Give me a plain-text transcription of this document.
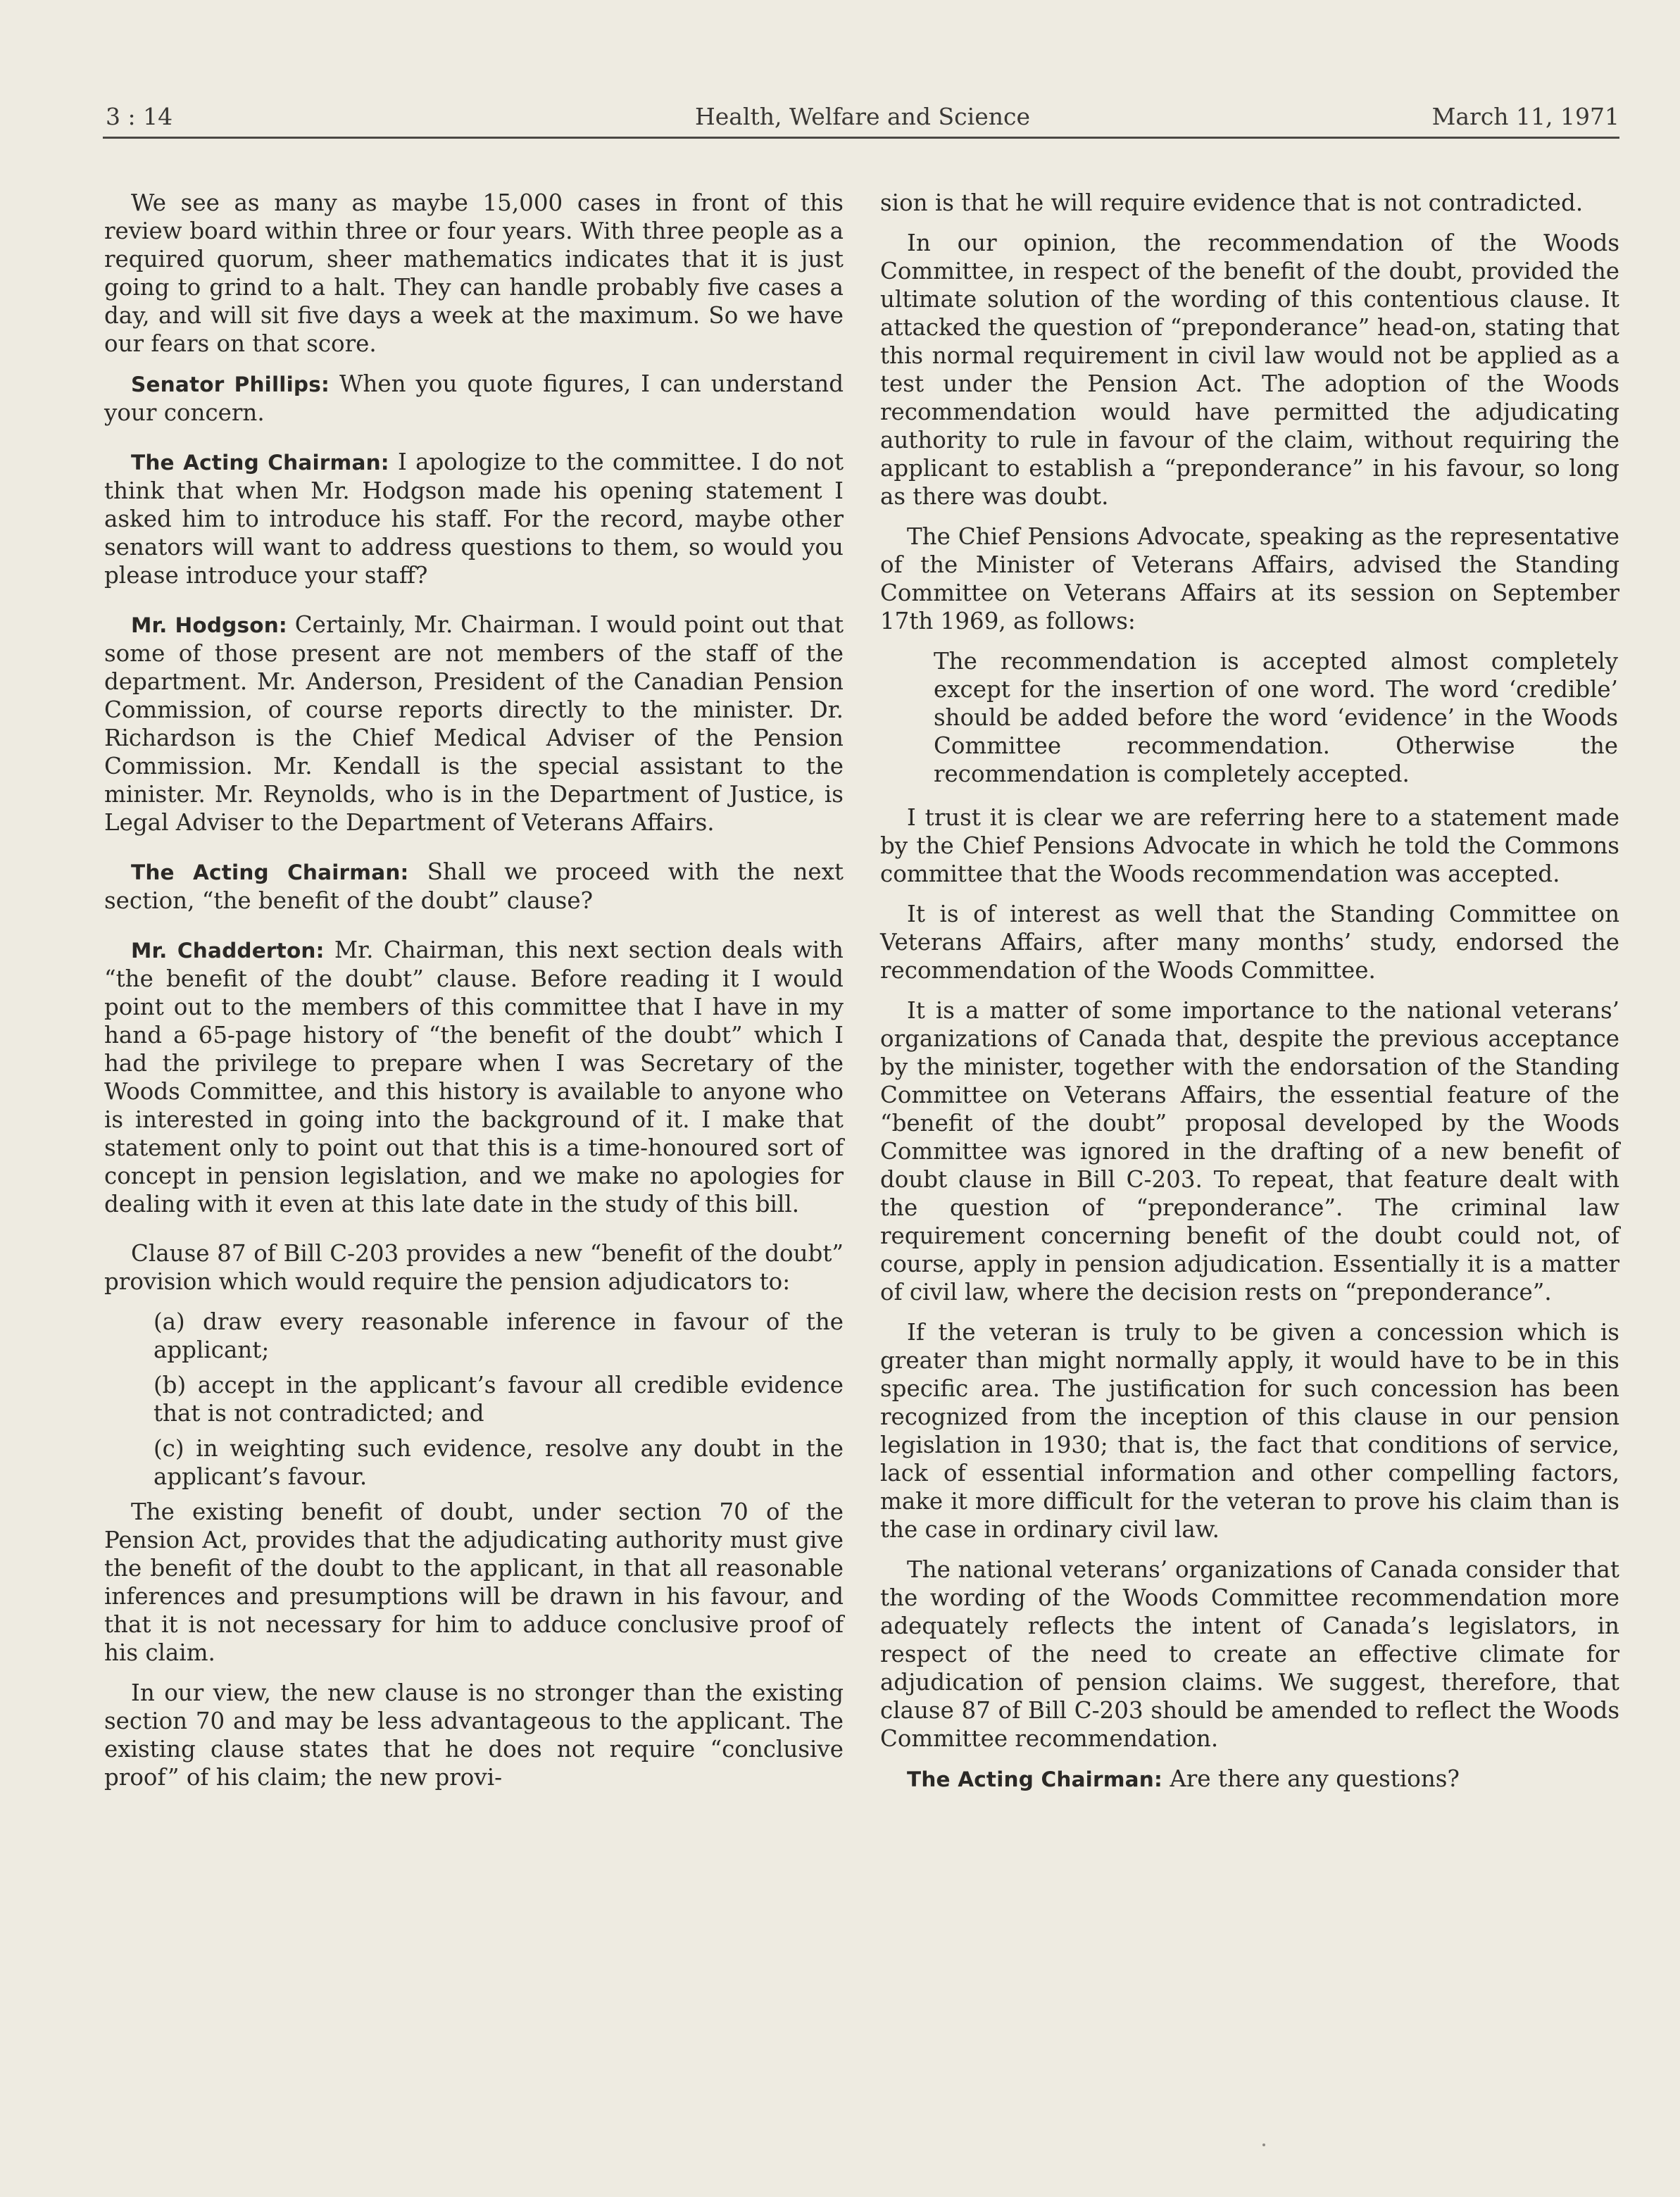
3 : 14	Health, Welfare and Science	March 11, 1971

We see as many as maybe 15,000 cases in front of this review board within three or four years. With three people as a required quorum, sheer mathematics indicates that it is just going to grind to a halt. They can handle probably five cases a day, and will sit five days a week at the maximum. So we have our fears on that score.

Senator Phillips: When you quote figures, I can understand your concern.

The Acting Chairman: I apologize to the committee. I do not think that when Mr. Hodgson made his opening statement I asked him to introduce his staff. For the record, maybe other senators will want to address questions to them, so would you please introduce your staff?

Mr. Hodgson: Certainly, Mr. Chairman. I would point out that some of those present are not members of the staff of the department. Mr. Anderson, President of the Canadian Pension Commission, of course reports directly to the minister. Dr. Richardson is the Chief Medical Adviser of the Pension Commission. Mr. Kendall is the special assistant to the minister. Mr. Reynolds, who is in the Department of Justice, is Legal Adviser to the Department of Veterans Affairs.

The Acting Chairman: Shall we proceed with the next section, “the benefit of the doubt” clause?

Mr. Chadderton: Mr. Chairman, this next section deals with “the benefit of the doubt” clause. Before reading it I would point out to the members of this committee that I have in my hand a 65-page history of “the benefit of the doubt” which I had the privilege to prepare when I was Secretary of the Woods Committee, and this history is available to anyone who is interested in going into the background of it. I make that statement only to point out that this is a time-honoured sort of concept in pension legislation, and we make no apologies for dealing with it even at this late date in the study of this bill.

Clause 87 of Bill C-203 provides a new “benefit of the doubt” provision which would require the pension adjudicators to:

(a) draw every reasonable inference in favour of the applicant;

(b) accept in the applicant’s favour all credible evidence that is not contradicted; and

(c) in weighting such evidence, resolve any doubt in the applicant’s favour.

The existing benefit of doubt, under section 70 of the Pension Act, provides that the adjudicating authority must give the benefit of the doubt to the applicant, in that all reasonable inferences and presumptions will be drawn in his favour, and that it is not necessary for him to adduce conclusive proof of his claim.

In our view, the new clause is no stronger than the existing section 70 and may be less advantageous to the applicant. The existing clause states that he does not require “conclusive proof” of his claim; the new provi-

sion is that he will require evidence that is not contradicted.

In our opinion, the recommendation of the Woods Committee, in respect of the benefit of the doubt, provided the ultimate solution of the wording of this contentious clause. It attacked the question of “preponderance” head-on, stating that this normal requirement in civil law would not be applied as a test under the Pension Act. The adoption of the Woods recommendation would have permitted the adjudicating authority to rule in favour of the claim, without requiring the applicant to establish a “preponderance” in his favour, so long as there was doubt.

The Chief Pensions Advocate, speaking as the representative of the Minister of Veterans Affairs, advised the Standing Committee on Veterans Affairs at its session on September 17th 1969, as follows:

The recommendation is accepted almost completely except for the insertion of one word. The word ‘credible’ should be added before the word ‘evidence’ in the Woods Committee recommendation. Otherwise the recommendation is completely accepted.

I trust it is clear we are referring here to a statement made by the Chief Pensions Advocate in which he told the Commons committee that the Woods recommendation was accepted.

It is of interest as well that the Standing Committee on Veterans Affairs, after many months’ study, endorsed the recommendation of the Woods Committee.

It is a matter of some importance to the national veterans’ organizations of Canada that, despite the previous acceptance by the minister, together with the endorsation of the Standing Committee on Veterans Affairs, the essential feature of the “benefit of the doubt” proposal developed by the Woods Committee was ignored in the drafting of a new benefit of doubt clause in Bill C-203. To repeat, that feature dealt with the question of “preponderance”. The criminal law requirement concerning benefit of the doubt could not, of course, apply in pension adjudication. Essentially it is a matter of civil law, where the decision rests on “preponderance”.

If the veteran is truly to be given a concession which is greater than might normally apply, it would have to be in this specific area. The justification for such concession has been recognized from the inception of this clause in our pension legislation in 1930; that is, the fact that conditions of service, lack of essential information and other compelling factors, make it more difficult for the veteran to prove his claim than is the case in ordinary civil law.

The national veterans’ organizations of Canada consider that the wording of the Woods Committee recommendation more adequately reflects the intent of Canada’s legislators, in respect of the need to create an effective climate for adjudication of pension claims. We suggest, therefore, that clause 87 of Bill C-203 should be amended to reflect the Woods Committee recommendation.

The Acting Chairman: Are there any questions?
